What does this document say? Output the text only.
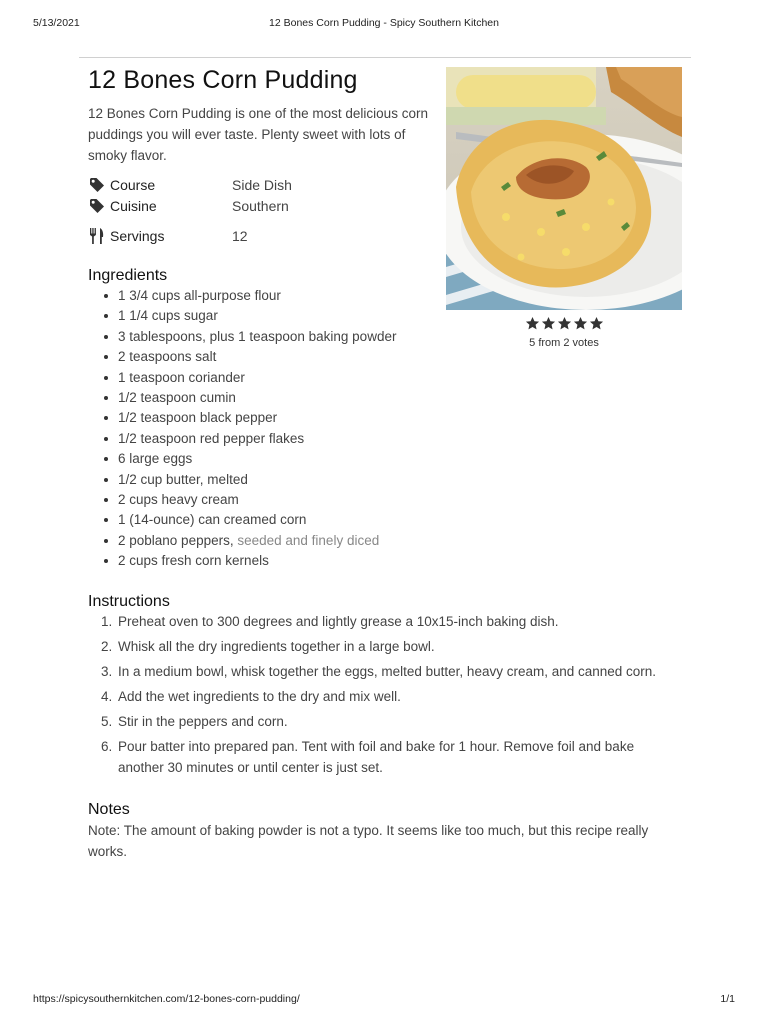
5/13/2021	12 Bones Corn Pudding - Spicy Southern Kitchen
12 Bones Corn Pudding

12 Bones Corn Pudding is one of the most delicious corn puddings you will ever taste. Plenty sweet with lots of smoky flavor.

Course	Side Dish
Cuisine	Southern
Servings	12
Ingredients
1 3/4 cups all-purpose flour
1 1/4 cups sugar
3 tablespoons, plus 1 teaspoon baking powder
2 teaspoons salt
1 teaspoon coriander
1/2 teaspoon cumin
1/2 teaspoon black pepper
1/2 teaspoon red pepper flakes
6 large eggs
1/2 cup butter, melted
2 cups heavy cream
1 (14-ounce) can creamed corn
2 poblano peppers, seeded and finely diced
2 cups fresh corn kernels
Instructions
1. Preheat oven to 300 degrees and lightly grease a 10x15-inch baking dish.
2. Whisk all the dry ingredients together in a large bowl.
3. In a medium bowl, whisk together the eggs, melted butter, heavy cream, and canned corn.
4. Add the wet ingredients to the dry and mix well.
5. Stir in the peppers and corn.
6. Pour batter into prepared pan. Tent with foil and bake for 1 hour. Remove foil and bake another 30 minutes or until center is just set.
Notes

Note: The amount of baking powder is not a typo. It seems like too much, but this recipe really works.

5 from 2 votes
https://spicysouthernkitchen.com/12-bones-corn-pudding/	1/1
